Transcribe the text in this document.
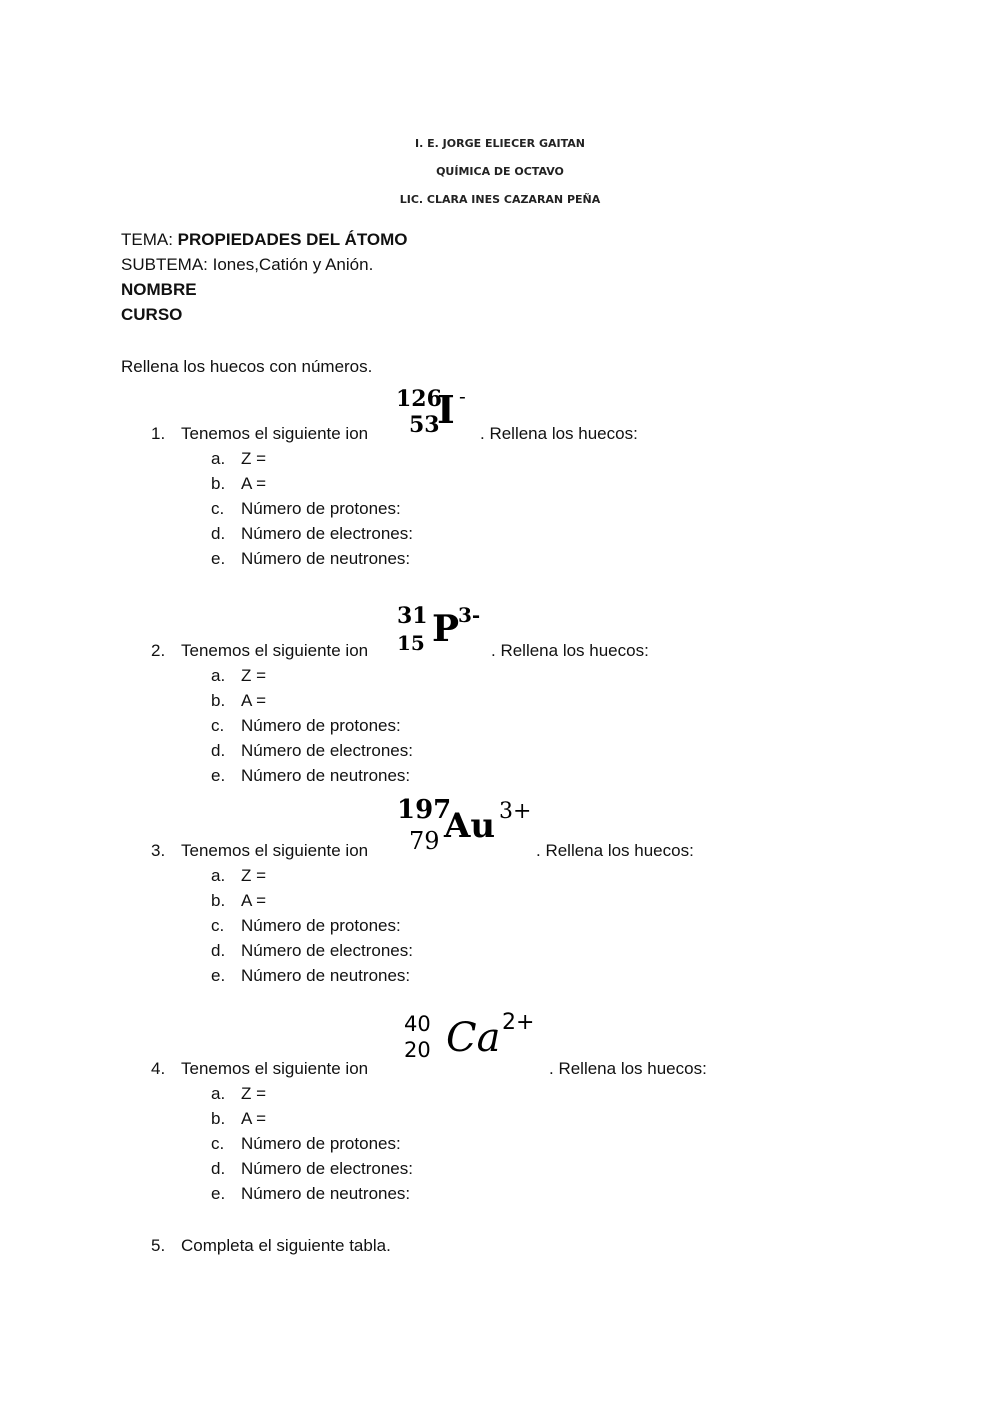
I. E. JORGE ELIECER GAITAN
QUÍMICA DE OCTAVO
LIC. CLARA INES CAZARAN PEÑA
TEMA: PROPIEDADES DEL ÁTOMO
SUBTEMA: Iones,Catión y Anión.
NOMBRE
CURSO
Rellena los huecos con números.
126
53
I -
1. Tenemos el siguiente ion	. Rellena los huecos:
a. Z =
b. A =
c. Número de protones:
d. Número de electrones:
e. Número de neutrones:
31
15 P
3-
2. Tenemos el siguiente ion	. Rellena los huecos:
a. Z =
b. A =
c. Número de protones:
d. Número de electrones:
e. Número de neutrones:
197
79 Au 3+
3. Tenemos el siguiente ion	. Rellena los huecos:
a. Z =
b. A =
c. Número de protones:
d. Número de electrones:
e. Número de neutrones:
40
20 Ca 2+
4. Tenemos el siguiente ion	. Rellena los huecos:
a. Z =
b. A =
c. Número de protones:
d. Número de electrones:
e. Número de neutrones:
5. Completa el siguiente tabla.
